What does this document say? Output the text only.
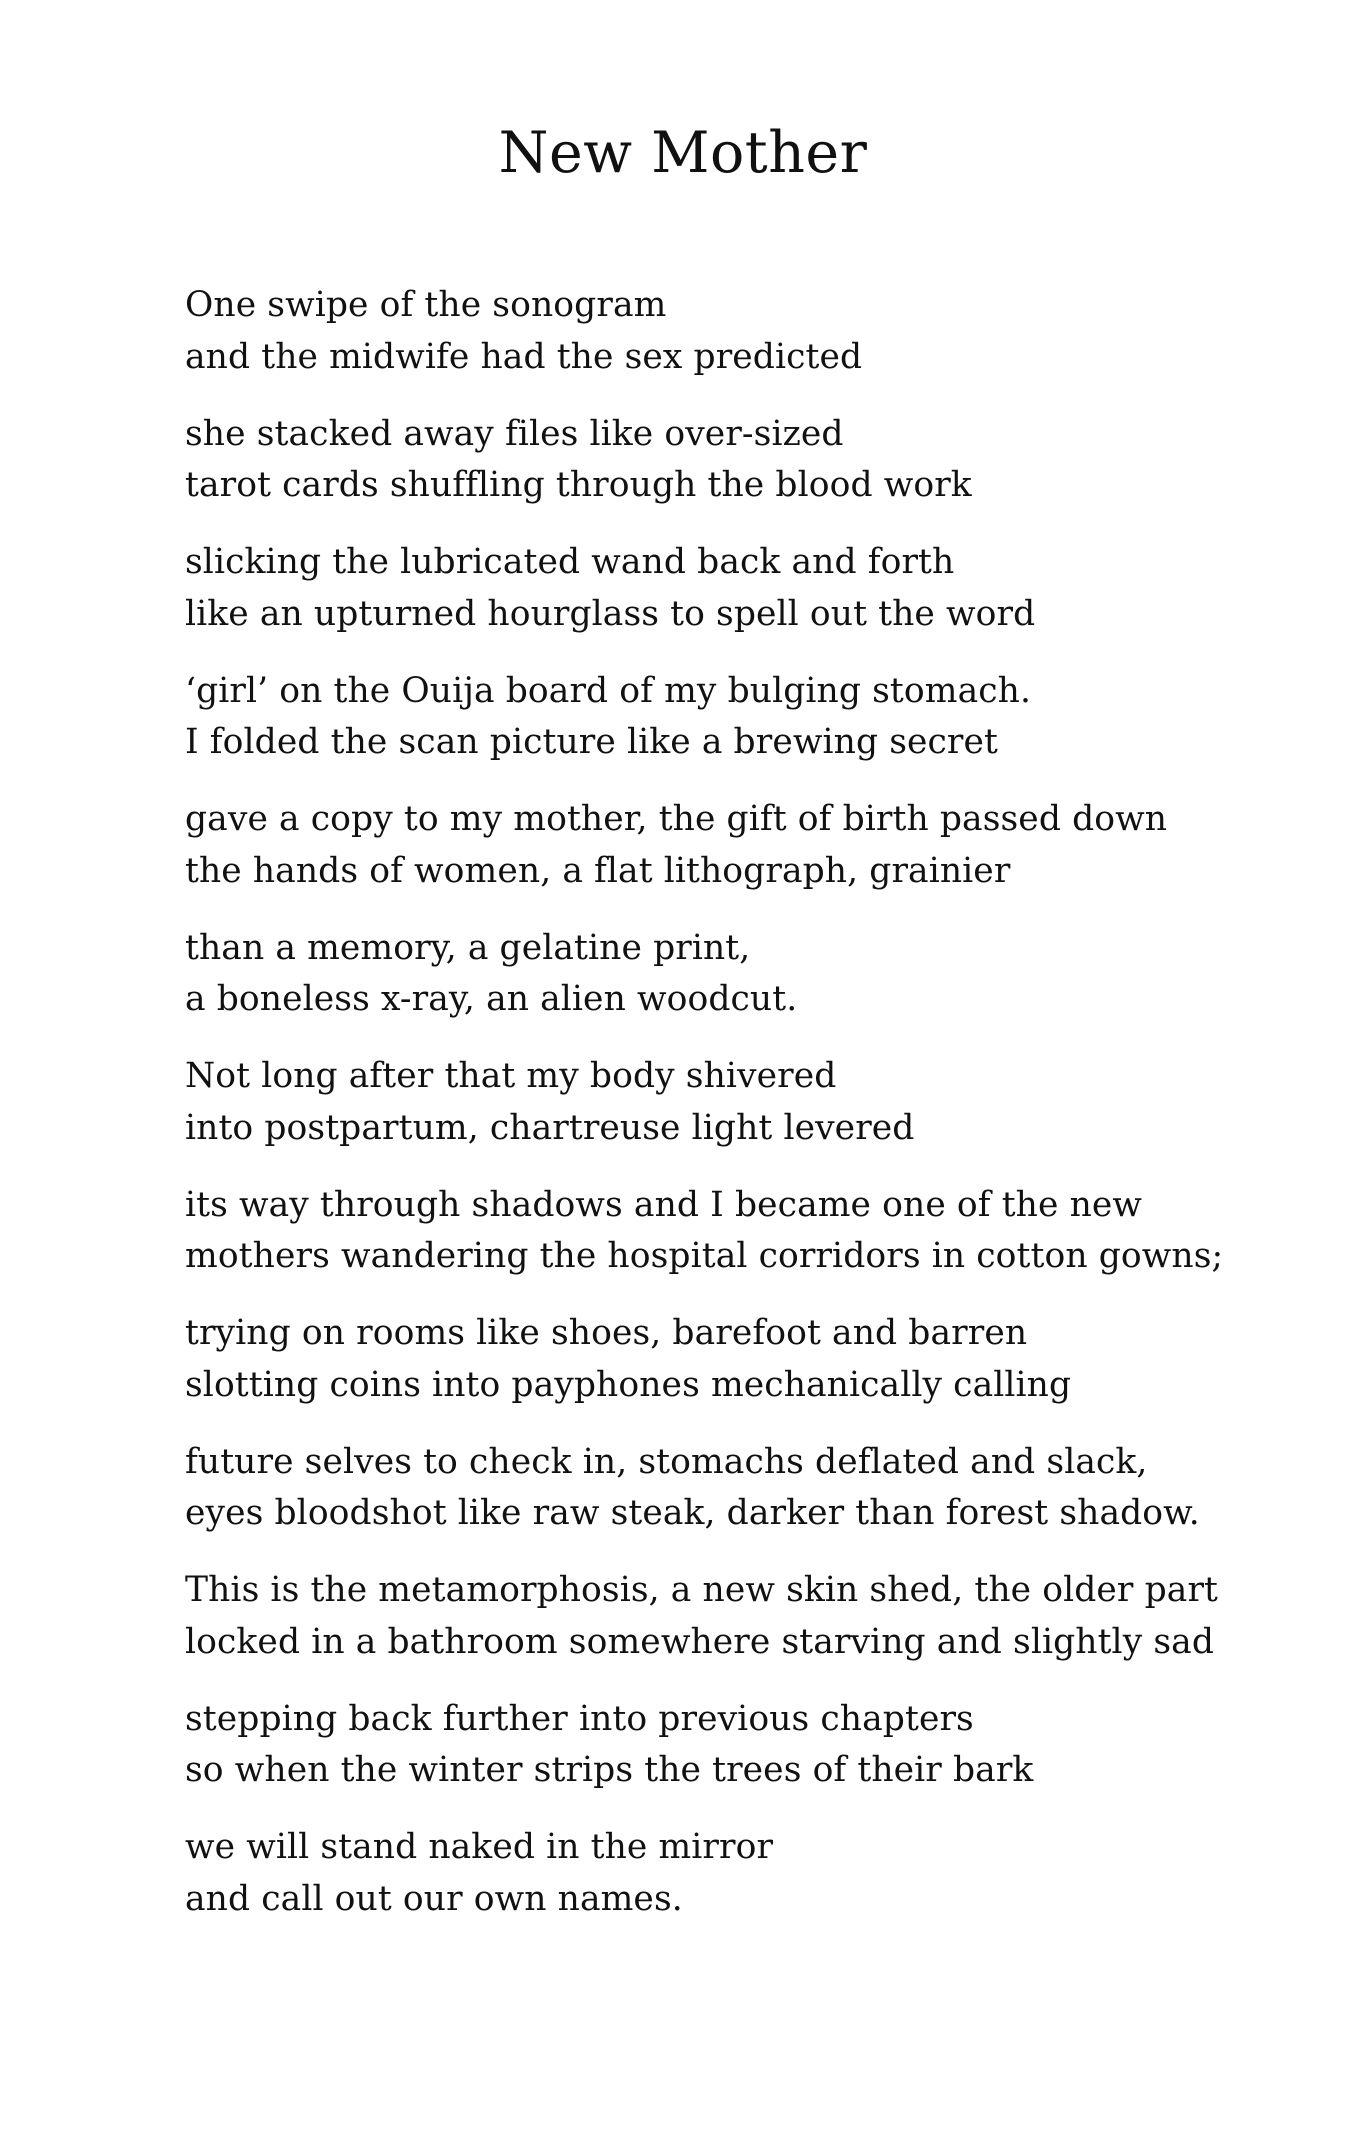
New Mother
One swipe of the sonogram
and the midwife had the sex predicted
she stacked away files like over-sized
tarot cards shuffling through the blood work
slicking the lubricated wand back and forth
like an upturned hourglass to spell out the word
‘girl’ on the Ouija board of my bulging stomach.
I folded the scan picture like a brewing secret
gave a copy to my mother, the gift of birth passed down
the hands of women, a flat lithograph, grainier
than a memory, a gelatine print,
a boneless x-ray, an alien woodcut.
Not long after that my body shivered
into postpartum, chartreuse light levered
its way through shadows and I became one of the new
mothers wandering the hospital corridors in cotton gowns;
trying on rooms like shoes, barefoot and barren
slotting coins into payphones mechanically calling
future selves to check in, stomachs deflated and slack,
eyes bloodshot like raw steak, darker than forest shadow.
This is the metamorphosis, a new skin shed, the older part
locked in a bathroom somewhere starving and slightly sad
stepping back further into previous chapters
so when the winter strips the trees of their bark
we will stand naked in the mirror
and call out our own names.
